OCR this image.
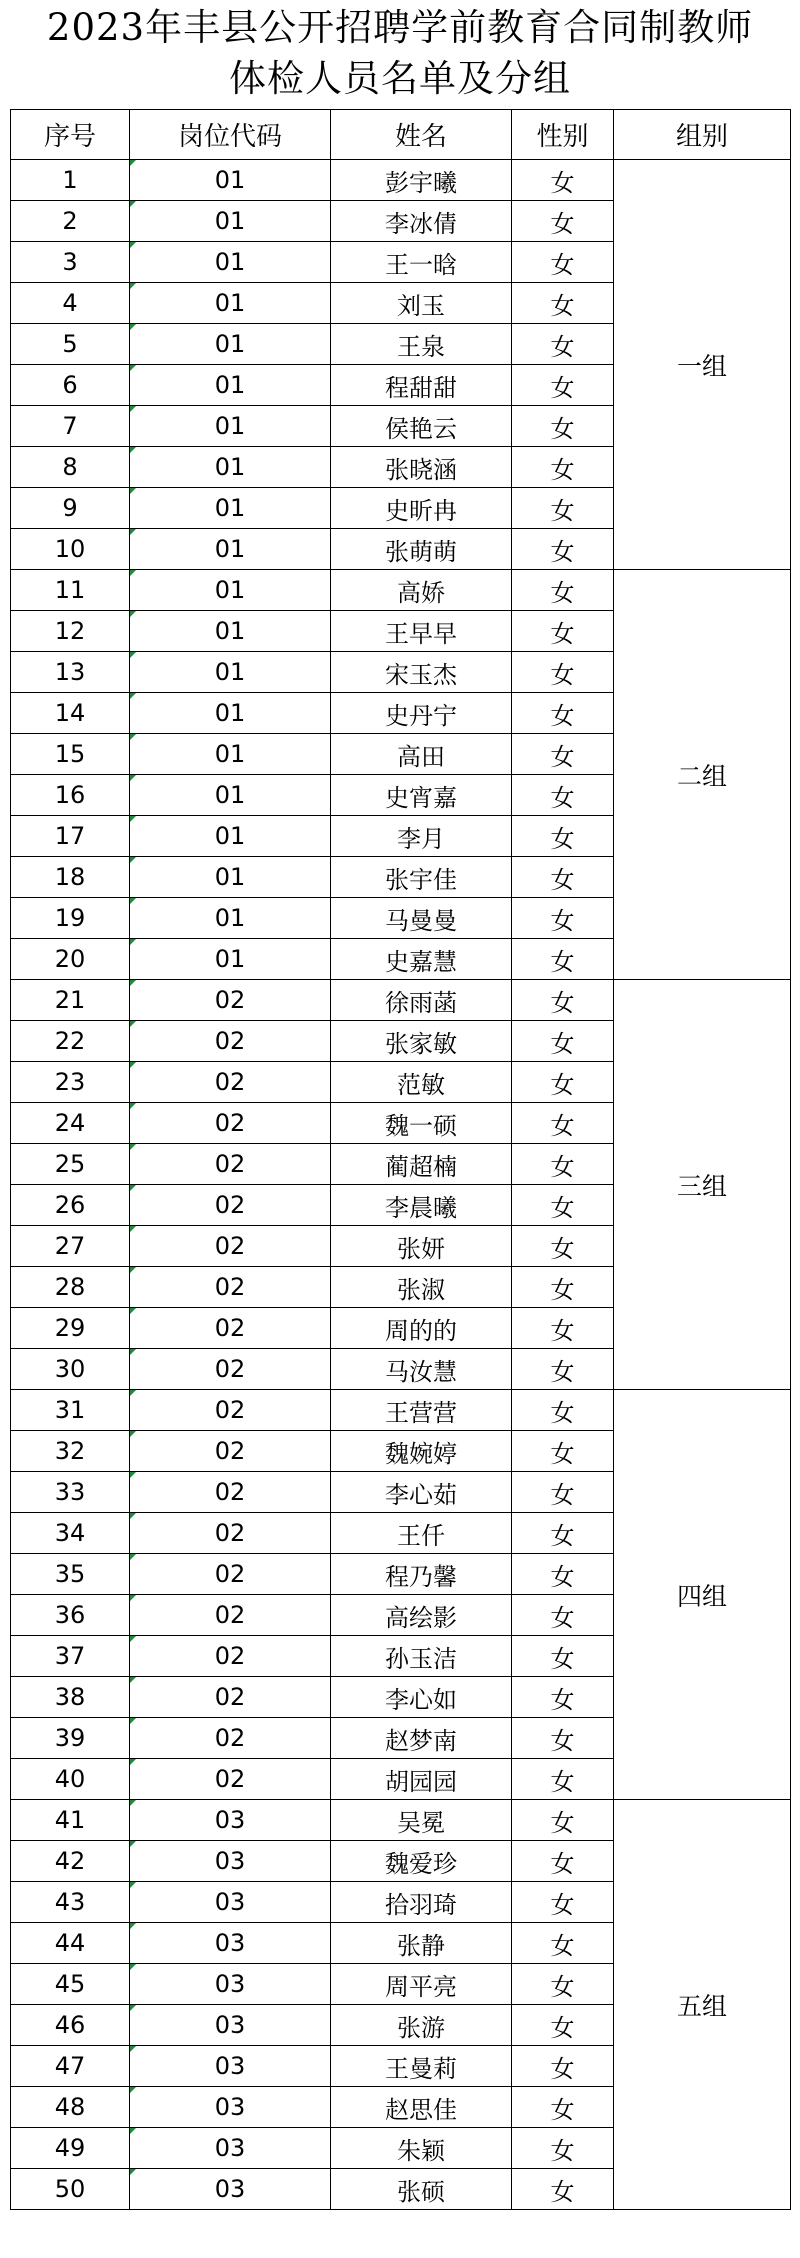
2023年丰县公开招聘学前教育合同制教师
体检人员名单及分组
序号	岗位代码	姓名	性别	组别
1	01	彭宇曦	女	一组
2	01	李冰倩	女	
3	01	王一晗	女	
4	01	刘玉	女	
5	01	王泉	女	
6	01	程甜甜	女	
7	01	侯艳云	女	
8	01	张晓涵	女	
9	01	史昕冉	女	
10	01	张萌萌	女	
11	01	高娇	女	二组
12	01	王早早	女	
13	01	宋玉杰	女	
14	01	史丹宁	女	
15	01	高田	女	
16	01	史宵嘉	女	
17	01	李月	女	
18	01	张宇佳	女	
19	01	马曼曼	女	
20	01	史嘉慧	女	
21	02	徐雨菡	女	三组
22	02	张家敏	女	
23	02	范敏	女	
24	02	魏一硕	女	
25	02	蔺超楠	女	
26	02	李晨曦	女	
27	02	张妍	女	
28	02	张淑	女	
29	02	周的的	女	
30	02	马汝慧	女	
31	02	王营营	女	四组
32	02	魏婉婷	女	
33	02	李心茹	女	
34	02	王仟	女	
35	02	程乃馨	女	
36	02	高绘影	女	
37	02	孙玉洁	女	
38	02	李心如	女	
39	02	赵梦南	女	
40	02	胡园园	女	
41	03	吴冕	女	五组
42	03	魏爱珍	女	
43	03	拾羽琦	女	
44	03	张静	女	
45	03	周平亮	女	
46	03	张游	女	
47	03	王曼莉	女	
48	03	赵思佳	女	
49	03	朱颖	女	
50	03	张硕	女	
